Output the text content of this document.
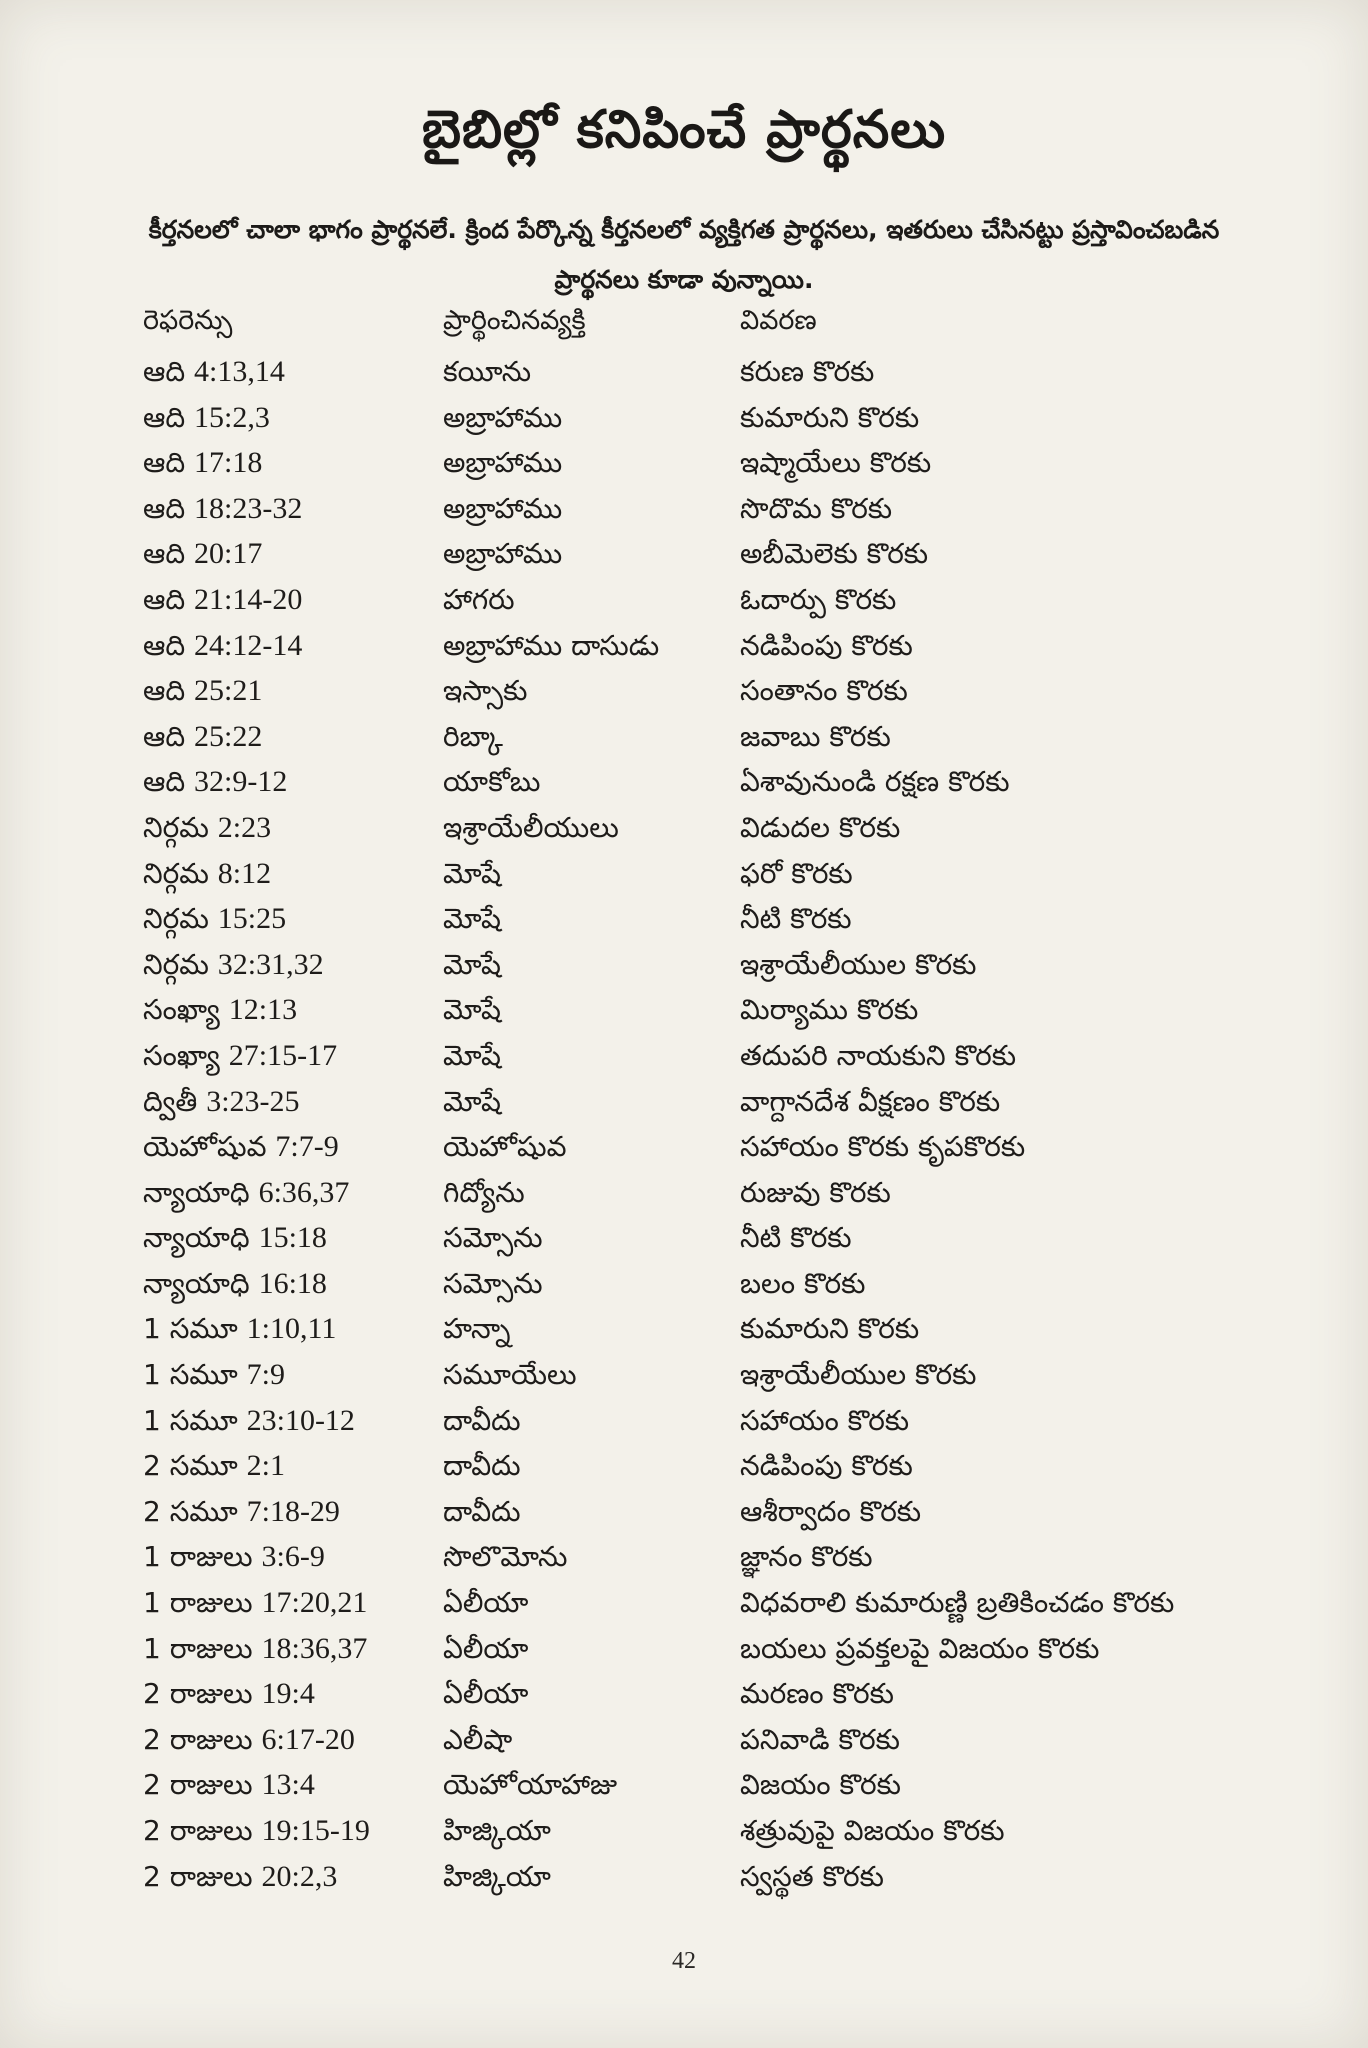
బైబిల్లో కనిపించే ప్రార్థనలు
కీర్తనలలో చాలా భాగం ప్రార్థనలే. క్రింద పేర్కొన్న కీర్తనలలో వ్యక్తిగత ప్రార్థనలు, ఇతరులు చేసినట్టు ప్రస్తావించబడిన ప్రార్థనలు కూడా వున్నాయి.
రెఫరెన్సు	ప్రార్థించినవ్యక్తి	వివరణ
ఆది 4:13,14	కయీను	కరుణ కొరకు
ఆది 15:2,3	అబ్రాహాము	కుమారుని కొరకు
ఆది 17:18	అబ్రాహాము	ఇష్మాయేలు కొరకు
ఆది 18:23-32	అబ్రాహాము	సొదొమ కొరకు
ఆది 20:17	అబ్రాహాము	అబీమెలెకు కొరకు
ఆది 21:14-20	హాగరు	ఓదార్పు కొరకు
ఆది 24:12-14	అబ్రాహాము దాసుడు	నడిపింపు కొరకు
ఆది 25:21	ఇస్సాకు	సంతానం కొరకు
ఆది 25:22	రిబ్కా	జవాబు కొరకు
ఆది 32:9-12	యాకోబు	ఏశావునుండి రక్షణ కొరకు
నిర్గమ 2:23	ఇశ్రాయేలీయులు	విడుదల కొరకు
నిర్గమ 8:12	మోషే	ఫరో కొరకు
నిర్గమ 15:25	మోషే	నీటి కొరకు
నిర్గమ 32:31,32	మోషే	ఇశ్రాయేలీయుల కొరకు
సంఖ్యా 12:13	మోషే	మిర్యాము కొరకు
సంఖ్యా 27:15-17	మోషే	తదుపరి నాయకుని కొరకు
ద్వితీ 3:23-25	మోషే	వాగ్దానదేశ వీక్షణం కొరకు
యెహోషువ 7:7-9	యెహోషువ	సహాయం కొరకు కృపకొరకు
న్యాయాధి 6:36,37	గిద్యోను	రుజువు కొరకు
న్యాయాధి 15:18	సమ్సోను	నీటి కొరకు
న్యాయాధి 16:18	సమ్సోను	బలం కొరకు
1 సమూ 1:10,11	హన్నా	కుమారుని కొరకు
1 సమూ 7:9	సమూయేలు	ఇశ్రాయేలీయుల కొరకు
1 సమూ 23:10-12	దావీదు	సహాయం కొరకు
2 సమూ 2:1	దావీదు	నడిపింపు కొరకు
2 సమూ 7:18-29	దావీదు	ఆశీర్వాదం కొరకు
1 రాజులు 3:6-9	సొలొమోను	జ్ఞానం కొరకు
1 రాజులు 17:20,21	ఏలీయా	విధవరాలి కుమారుణ్ణి బ్రతికించడం కొరకు
1 రాజులు 18:36,37	ఏలీయా	బయలు ప్రవక్తలపై విజయం కొరకు
2 రాజులు 19:4	ఏలీయా	మరణం కొరకు
2 రాజులు 6:17-20	ఎలీషా	పనివాడి కొరకు
2 రాజులు 13:4	యెహోయాహాజు	విజయం కొరకు
2 రాజులు 19:15-19	హిజ్కియా	శత్రువుపై విజయం కొరకు
2 రాజులు 20:2,3	హిజ్కియా	స్వస్థత కొరకు
42
